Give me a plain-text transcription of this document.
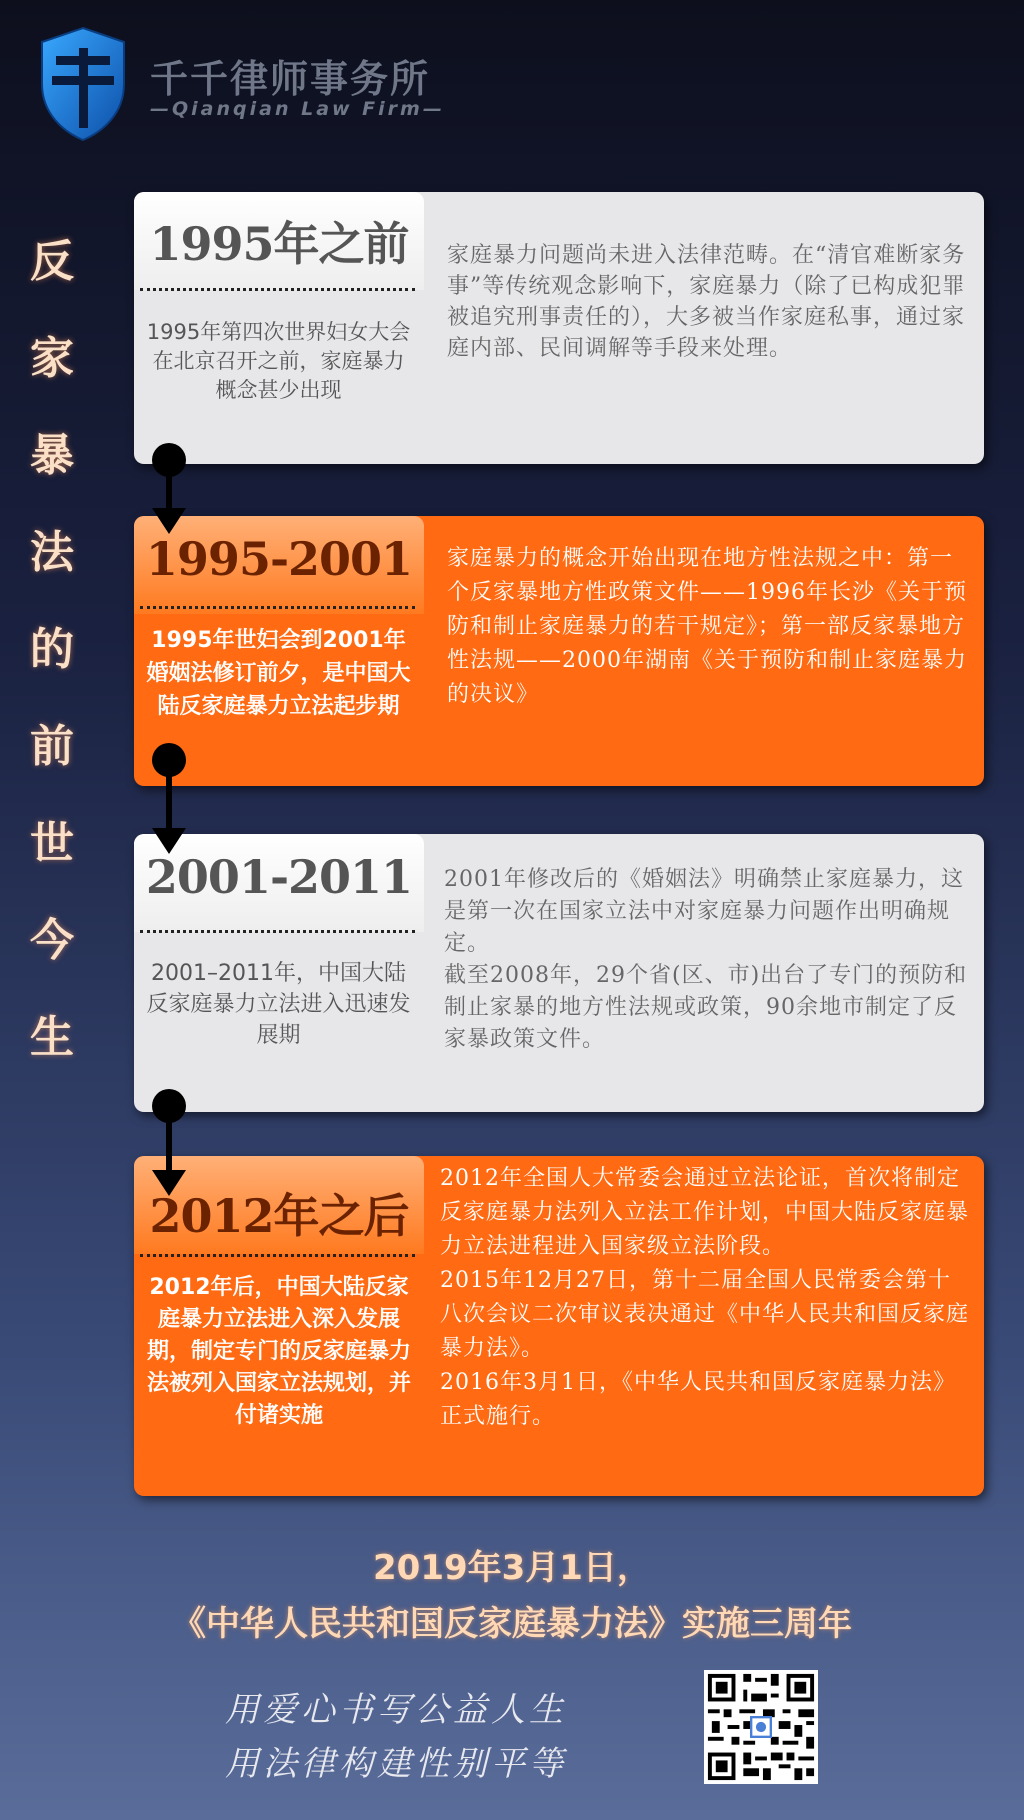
千千律师事务所
— Qianqian Law Firm —
反
家
暴
法
的
前
世
今
生
1995年之前
1995年第四次世界妇女大会在北京召开之前，家庭暴力概念甚少出现
家庭暴力问题尚未进入法律范畴。在“清官难断家务事”等传统观念影响下，家庭暴力（除了已构成犯罪被追究刑事责任的），大多被当作家庭私事，通过家庭内部、民间调解等手段来处理。
1995-2001
1995年世妇会到2001年婚姻法修订前夕，是中国大陆反家庭暴力立法起步期
家庭暴力的概念开始出现在地方性法规之中：第一个反家暴地方性政策文件——1996年长沙《关于预防和制止家庭暴力的若干规定》；第一部反家暴地方性法规——2000年湖南《关于预防和制止家庭暴力的决议》
2001-2011
2001–2011年，中国大陆反家庭暴力立法进入迅速发展期
2001年修改后的《婚姻法》明确禁止家庭暴力，这是第一次在国家立法中对家庭暴力问题作出明确规定。
截至2008年，29个省(区、市)出台了专门的预防和制止家暴的地方性法规或政策，90余地市制定了反家暴政策文件。
2012年之后
2012年后，中国大陆反家庭暴力立法进入深入发展期，制定专门的反家庭暴力法被列入国家立法规划，并付诸实施
2012年全国人大常委会通过立法论证，首次将制定反家庭暴力法列入立法工作计划，中国大陆反家庭暴力立法进程进入国家级立法阶段。
2015年12月27日，第十二届全国人民常委会第十八次会议二次审议表决通过《中华人民共和国反家庭暴力法》。
2016年3月1日，《中华人民共和国反家庭暴力法》正式施行。
2019年3月1日，
《中华人民共和国反家庭暴力法》实施三周年
用爱心书写公益人生
用法律构建性别平等
